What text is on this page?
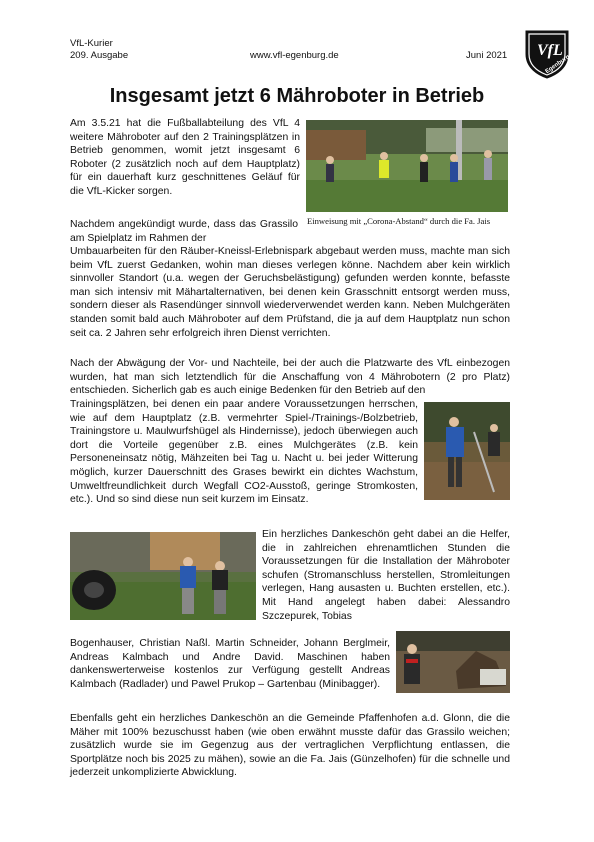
VfL-Kurier
209. Ausgabe	www.vfl-egenburg.de	Juni 2021 VfL
Egenburg
Insgesamt jetzt 6 Mähroboter in Betrieb

Am 3.5.21 hat die Fußballabteilung des VfL 4 weitere Mähroboter auf den 2 Trainingsplätzen in Betrieb genommen, womit jetzt insgesamt 6 Roboter (2 zusätzlich noch auf dem Hauptplatz) für ein dauerhaft kurz geschnittenes Geläuf für die VfL-Kicker sorgen.

Einweisung mit „Corona-Abstand“ durch die Fa. Jais

Nachdem angekündigt wurde, dass das Grassilo am Spielplatz im Rahmen der

Umbauarbeiten für den Räuber-Kneissl-Erlebnispark abgebaut werden muss, machte man sich beim VfL zuerst Gedanken, wohin man dieses verlegen könne. Nachdem aber kein wirklich sinnvoller Standort (u.a. wegen der Geruchsbelästigung) gefunden werden konnte, befasste man sich intensiv mit Mähartalternativen, bei denen kein Grasschnitt entsorgt werden muss, sondern dieser als Rasendünger sinnvoll wiederverwendet werden kann. Neben Mulchgeräten standen somit bald auch Mähroboter auf dem Prüfstand, die ja auf dem Hauptplatz nun schon seit ca. 2 Jahren sehr erfolgreich ihren Dienst verrichten.

Nach der Abwägung der Vor- und Nachteile, bei der auch die Platzwarte des VfL einbezogen wurden, hat man sich letztendlich für die Anschaffung von 4 Mährobotern (2 pro Platz) entschieden. Sicherlich gab es auch einige Bedenken für den Betrieb auf den

Trainingsplätzen, bei denen ein paar andere Voraussetzungen herrschen, wie auf dem Hauptplatz (z.B. vermehrter Spiel-/Trainings-/Bolzbetrieb, Trainingstore u. Maulwurfshügel als Hindernisse), jedoch überwiegen auch dort die Vorteile gegenüber z.B. eines Mulchgerätes (z.B. kein Personeneinsatz nötig, Mähzeiten bei Tag u. Nacht u. bei jeder Witterung möglich, kurzer Dauerschnitt des Grases bewirkt ein dichtes Wachstum, Umweltfreundlichkeit durch Wegfall CO2-Ausstoß, geringe Stromkosten, etc.). Und so sind diese nun seit kurzem im Einsatz.

Ein herzliches Dankeschön geht dabei an die Helfer, die in zahlreichen ehrenamtlichen Stunden die Voraussetzungen für die Installation der Mähroboter schufen (Stromanschluss herstellen, Stromleitungen verlegen, Hang ausasten u. Buchten erstellen, etc.). Mit Hand angelegt haben dabei: Alessandro Szczepurek, Tobias

Bogenhauser, Christian Naßl. Martin Schneider, Johann Berglmeir, Andreas Kalmbach und Andre David. Maschinen haben dankenswerterweise kostenlos zur Verfügung gestellt Andreas Kalmbach (Radlader) und Pawel Prukop – Gartenbau (Minibagger).

Ebenfalls geht ein herzliches Dankeschön an die Gemeinde Pfaffenhofen a.d. Glonn, die die Mäher mit 100% bezuschusst haben (wie oben erwähnt musste dafür das Grassilo weichen; zusätzlich wurde sie im Gegenzug aus der vertraglichen Verpflichtung entlassen, die Sportplätze noch bis 2025 zu mähen), sowie an die Fa. Jais (Günzelhofen) für die schnelle und jederzeit unkomplizierte Abwicklung.
